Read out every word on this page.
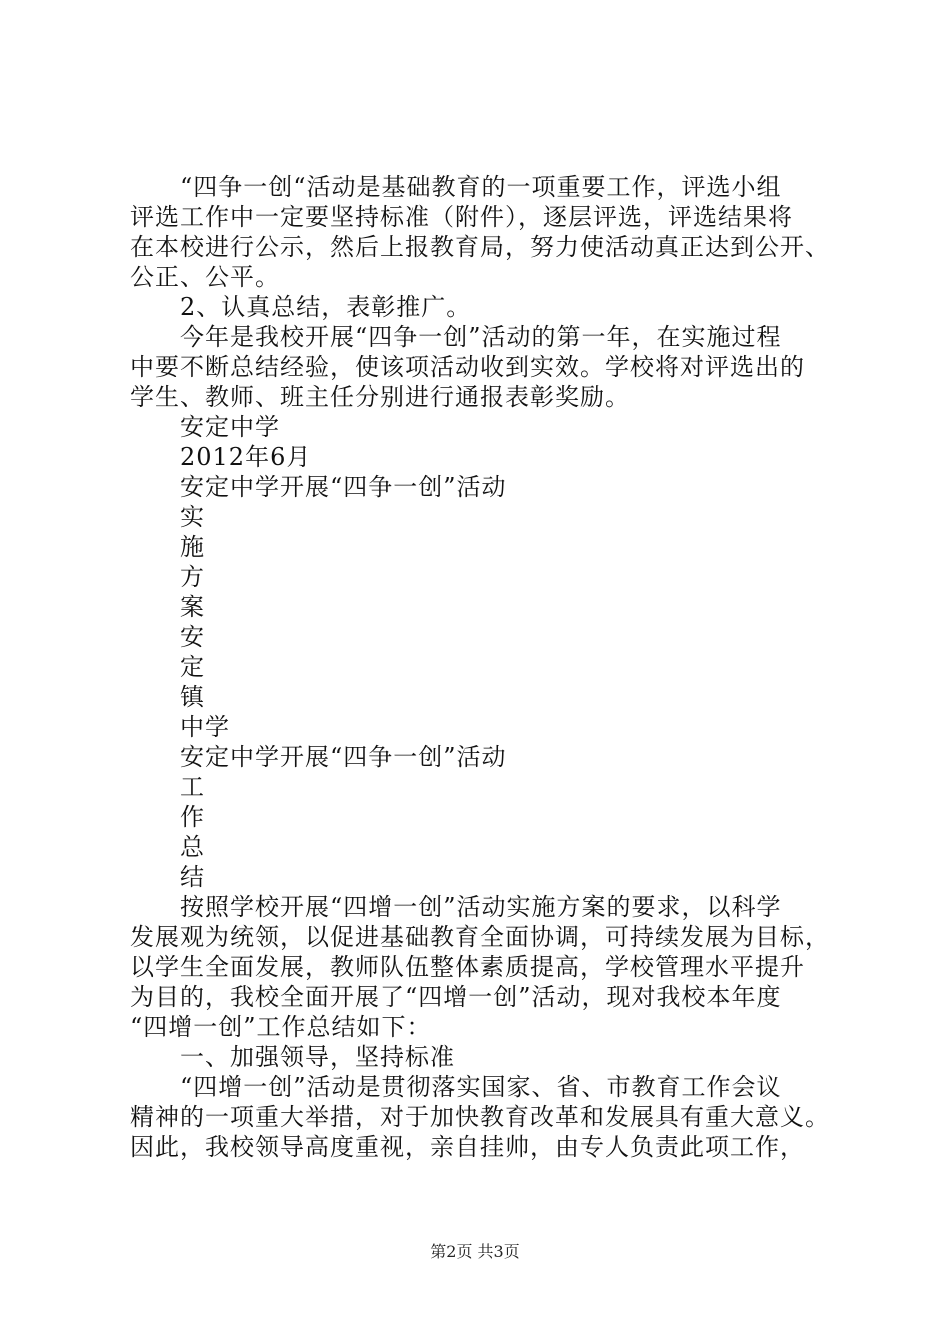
“四争一创“活动是基础教育的一项重要工作，评选小组
评选工作中一定要坚持标准（附件），逐层评选，评选结果将
在本校进行公示，然后上报教育局，努力使活动真正达到公开、
公正、公平。
2、认真总结，表彰推广。
今年是我校开展“四争一创”活动的第一年，在实施过程
中要不断总结经验，使该项活动收到实效。学校将对评选出的
学生、教师、班主任分别进行通报表彰奖励。
安定中学
2012年6月
安定中学开展“四争一创”活动
实
施
方
案
安
定
镇
中学
安定中学开展“四争一创”活动
工
作
总
结
按照学校开展“四增一创”活动实施方案的要求，以科学
发展观为统领，以促进基础教育全面协调，可持续发展为目标，
以学生全面发展，教师队伍整体素质提高，学校管理水平提升
为目的，我校全面开展了“四增一创”活动，现对我校本年度
“四增一创”工作总结如下：
一、加强领导，坚持标准
“四增一创”活动是贯彻落实国家、省、市教育工作会议
精神的一项重大举措，对于加快教育改革和发展具有重大意义。
因此，我校领导高度重视，亲自挂帅，由专人负责此项工作，
第2页 共3页
